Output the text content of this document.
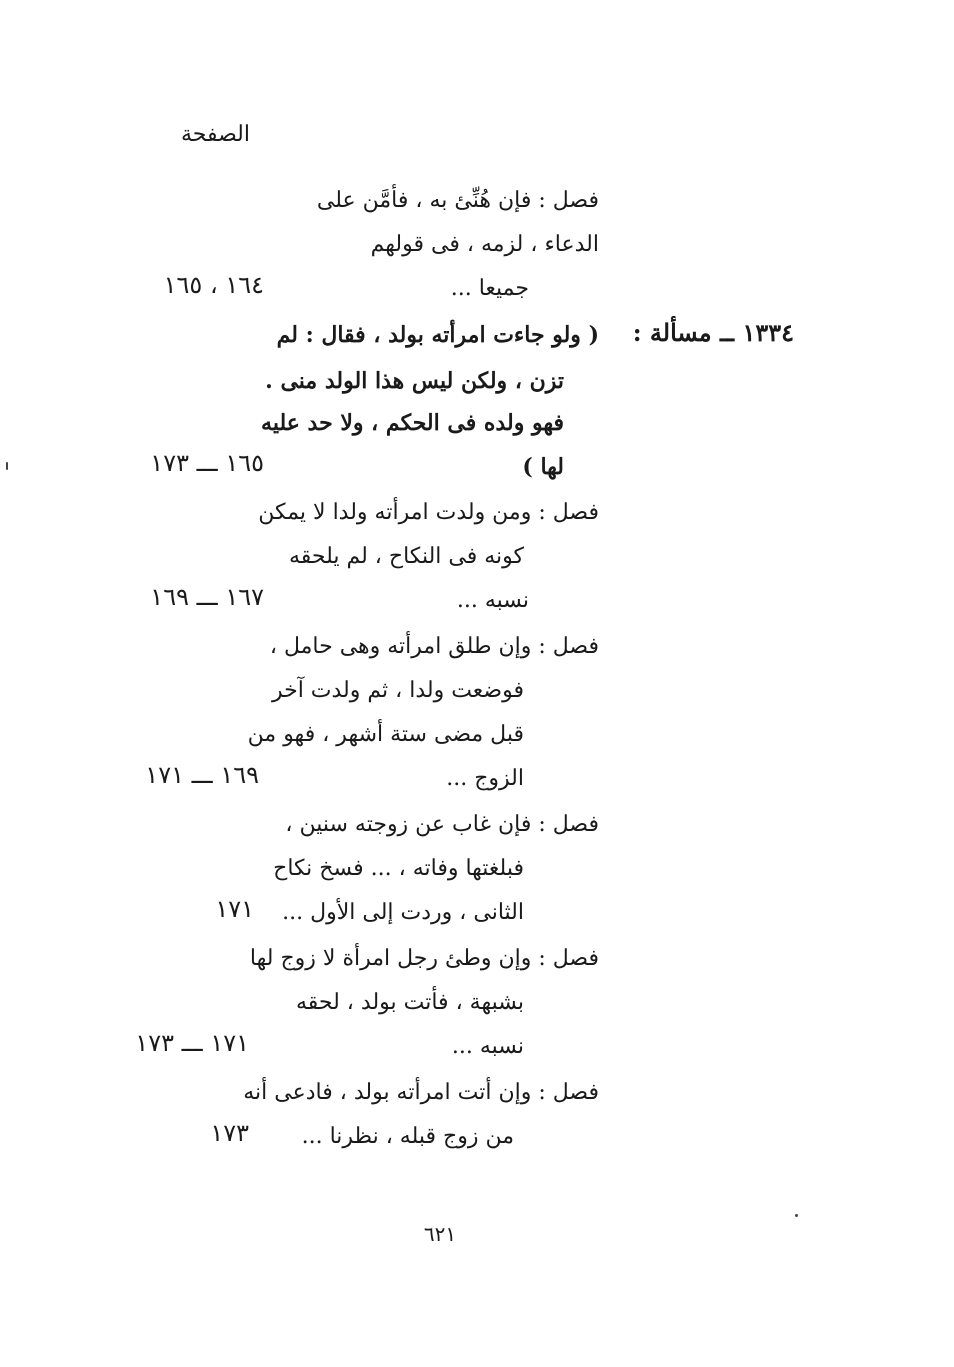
الصفحة
فصل : فإن هُنِّئ به ، فأمَّن على
الدعاء ، لزمه ، فى قولهم
جميعا ...
١٦٤ ، ١٦٥
١٣٣٤ ــ مسألة :
( ولو جاءت امرأته بولد ، فقال : لم
تزن ، ولكن ليس هذا الولد منى .
فهو ولده فى الحكم ، ولا حد عليه
لها )
١٦٥ ـــ ١٧٣
فصل : ومن ولدت امرأته ولدا لا يمكن
كونه فى النكاح ، لم يلحقه
نسبه ...
١٦٧ ـــ ١٦٩
فصل : وإن طلق امرأته وهى حامل ،
فوضعت ولدا ، ثم ولدت آخر
قبل مضى ستة أشهر ، فهو من
الزوج ...
١٦٩ ـــ ١٧١
فصل : فإن غاب عن زوجته سنين ،
فبلغتها وفاته ، ... فسخ نكاح
الثانى ، وردت إلى الأول ...
١٧١
فصل : وإن وطئ رجل امرأة لا زوج لها
بشبهة ، فأتت بولد ، لحقه
نسبه ...
١٧١ ـــ ١٧٣
فصل : وإن أتت امرأته بولد ، فادعى أنه
من زوج قبله ، نظرنا ...
١٧٣
٦٢١
